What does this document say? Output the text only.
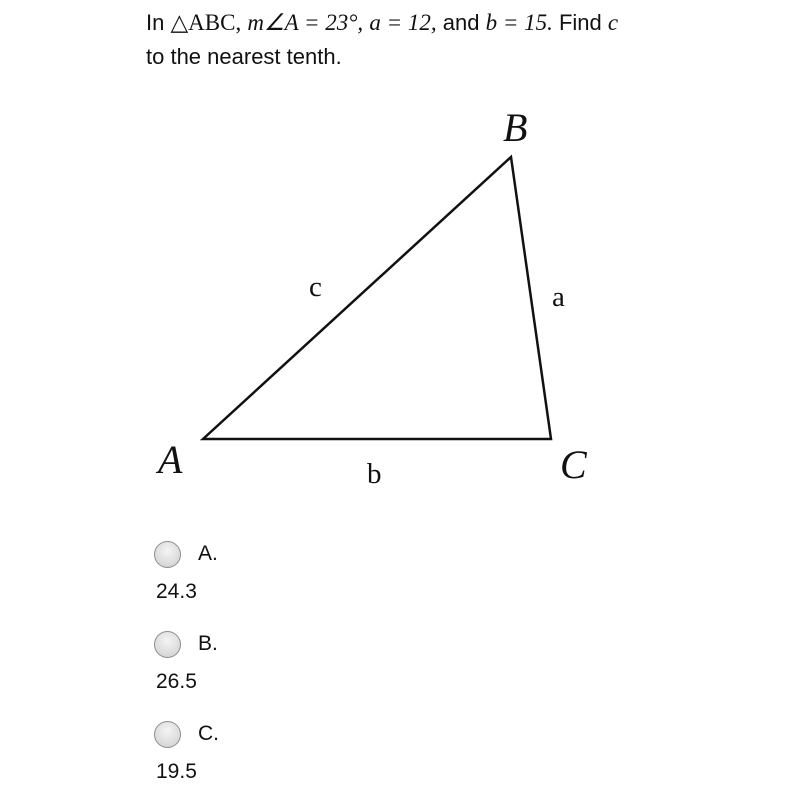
In △ABC, m∠A = 23°, a = 12, and b = 15. Find c
to the nearest tenth.
B
A	C
c	a
b
A.
24.3
B.
26.5
C.
19.5
